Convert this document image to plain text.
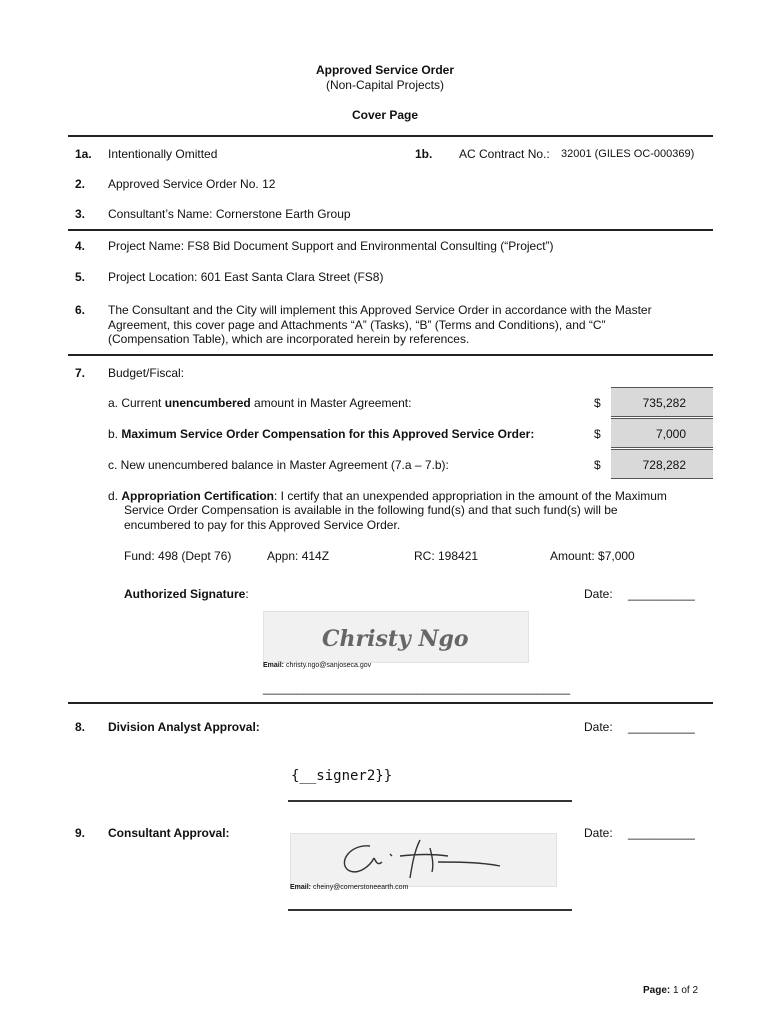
Approved Service Order
(Non-Capital Projects)
Cover Page
1a. Intentionally Omitted	1b. AC Contract No.: 32001 (GILES OC-000369)
2. Approved Service Order No. 12
3. Consultant’s Name: Cornerstone Earth Group
4. Project Name: FS8 Bid Document Support and Environmental Consulting (“Project”)
5. Project Location: 601 East Santa Clara Street (FS8)
6. The Consultant and the City will implement this Approved Service Order in accordance with the Master
Agreement, this cover page and Attachments “A” (Tasks), “B” (Terms and Conditions), and “C”
(Compensation Table), which are incorporated herein by references.
7. Budget/Fiscal:
a. Current unencumbered amount in Master Agreement:	$	735,282
b. Maximum Service Order Compensation for this Approved Service Order:	$	7,000
c. New unencumbered balance in Master Agreement (7.a – 7.b):	$	728,282
d. Appropriation Certification: I certify that an unexpended appropriation in the amount of the Maximum
Service Order Compensation is available in the following fund(s) and that such fund(s) will be
encumbered to pay for this Approved Service Order.
Fund: 498 (Dept 76)	Appn: 414Z	RC: 198421	Amount: $7,000
Authorized Signature:	Date: __________
Christy Ngo
Email: christy.ngo@sanjoseca.gov
______________________________________________
8. Division Analyst Approval:	Date: __________
{__signer2}}
9. Consultant Approval:	Date: __________
Email: cheiny@cornerstoneearth.com
Page: 1 of 2
